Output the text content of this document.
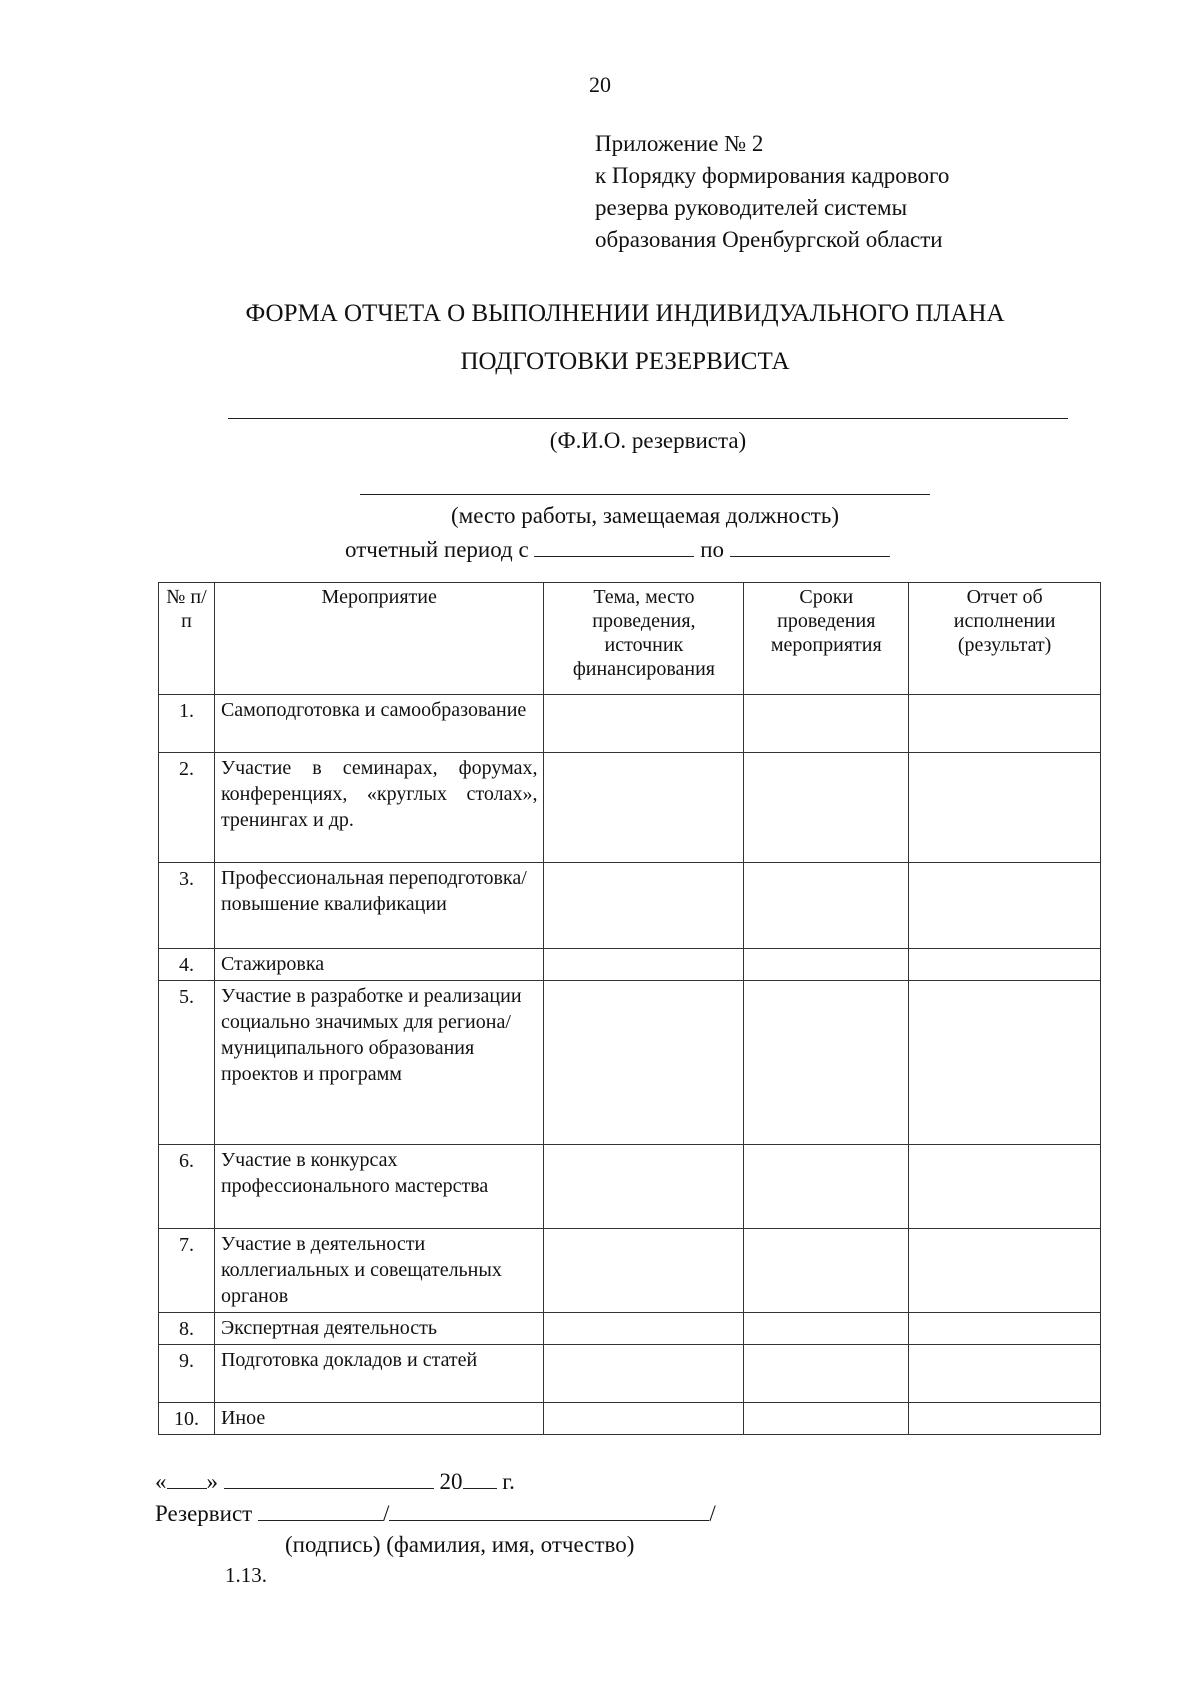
20
Приложение № 2
к Порядку формирования кадрового
резерва руководителей системы
образования Оренбургской области
ФОРМА ОТЧЕТА О ВЫПОЛНЕНИИ ИНДИВИДУАЛЬНОГО ПЛАНА
ПОДГОТОВКИ РЕЗЕРВИСТА
(Ф.И.О. резервиста)
(место работы, замещаемая должность)
отчетный период с	по
№ п/п	Мероприятие	Тема, место проведения, источник финансирования	Сроки проведения мероприятия	Отчет об исполнении (результат)
1.	Самоподготовка и самообразование			
2.	Участие в семинарах, форумах, конференциях, «круглых столах», тренингах и др.			
3.	Профессиональная переподготовка/повышение квалификации			
4.	Стажировка			
5.	Участие в разработке и реализации социально значимых для региона/муниципального образования проектов и программ			
6.	Участие в конкурсах профессионального мастерства			
7.	Участие в деятельности коллегиальных и совещательных органов			
8.	Экспертная деятельность			
9.	Подготовка докладов и статей			
10.	Иное			
« »	20 г.
Резервист	/	/
(подпись) (фамилия, имя, отчество)
1.13.
